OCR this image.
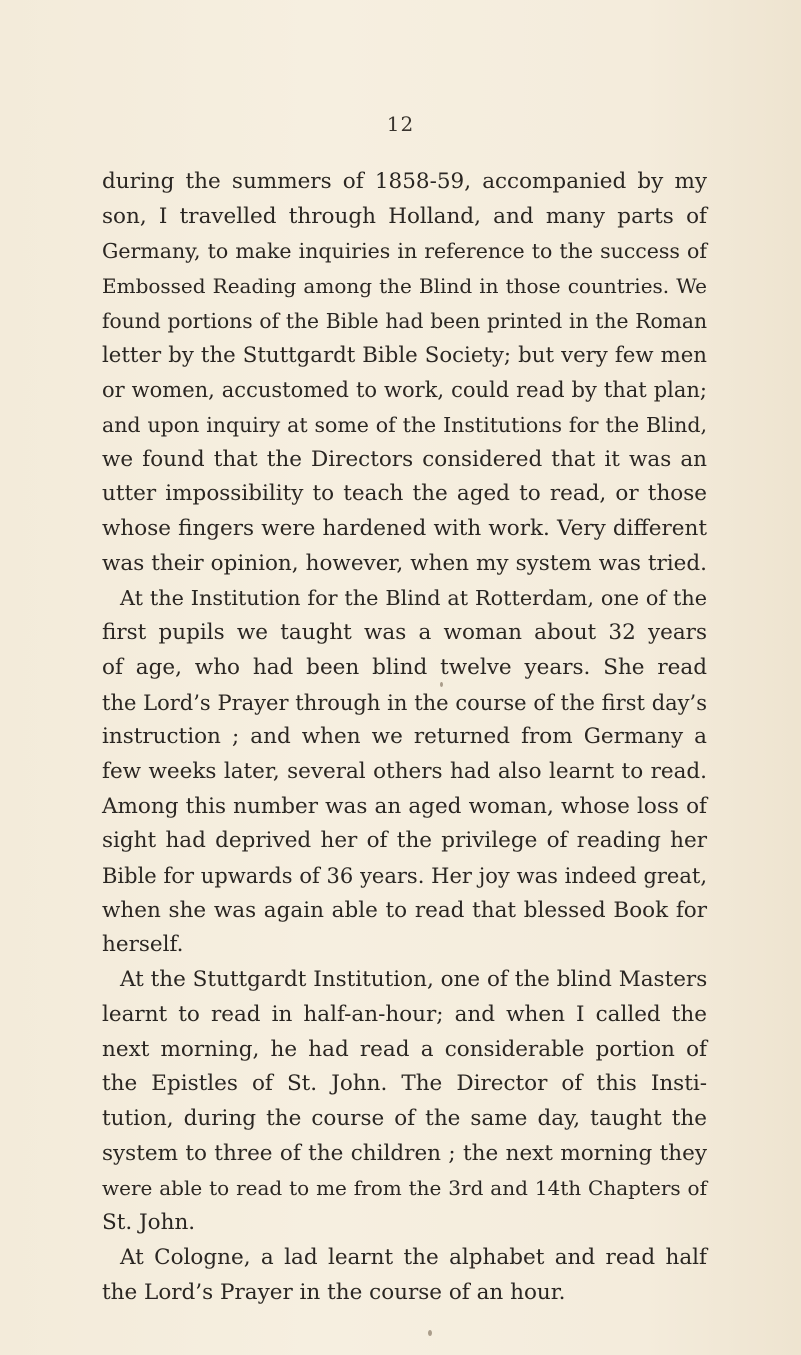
12
during the summers of 1858-59, accompanied by my
son, I travelled through Holland, and many parts of
Germany, to make inquiries in reference to the success of
Embossed Reading among the Blind in those countries. We
found portions of the Bible had been printed in the Roman
letter by the Stuttgardt Bible Society; but very few men
or women, accustomed to work, could read by that plan;
and upon inquiry at some of the Institutions for the Blind,
we found that the Directors considered that it was an
utter impossibility to teach the aged to read, or those
whose fingers were hardened with work. Very different
was their opinion, however, when my system was tried.
At the Institution for the Blind at Rotterdam, one of the
first pupils we taught was a woman about 32 years
of age, who had been blind twelve years. She read
the Lord’s Prayer through in the course of the first day’s
instruction ; and when we returned from Germany a
few weeks later, several others had also learnt to read.
Among this number was an aged woman, whose loss of
sight had deprived her of the privilege of reading her
Bible for upwards of 36 years. Her joy was indeed great,
when she was again able to read that blessed Book for
herself.
At the Stuttgardt Institution, one of the blind Masters
learnt to read in half-an-hour; and when I called the
next morning, he had read a considerable portion of
the Epistles of St. John. The Director of this Insti-
tution, during the course of the same day, taught the
system to three of the children ; the next morning they
were able to read to me from the 3rd and 14th Chapters of
St. John.
At Cologne, a lad learnt the alphabet and read half
the Lord’s Prayer in the course of an hour.
